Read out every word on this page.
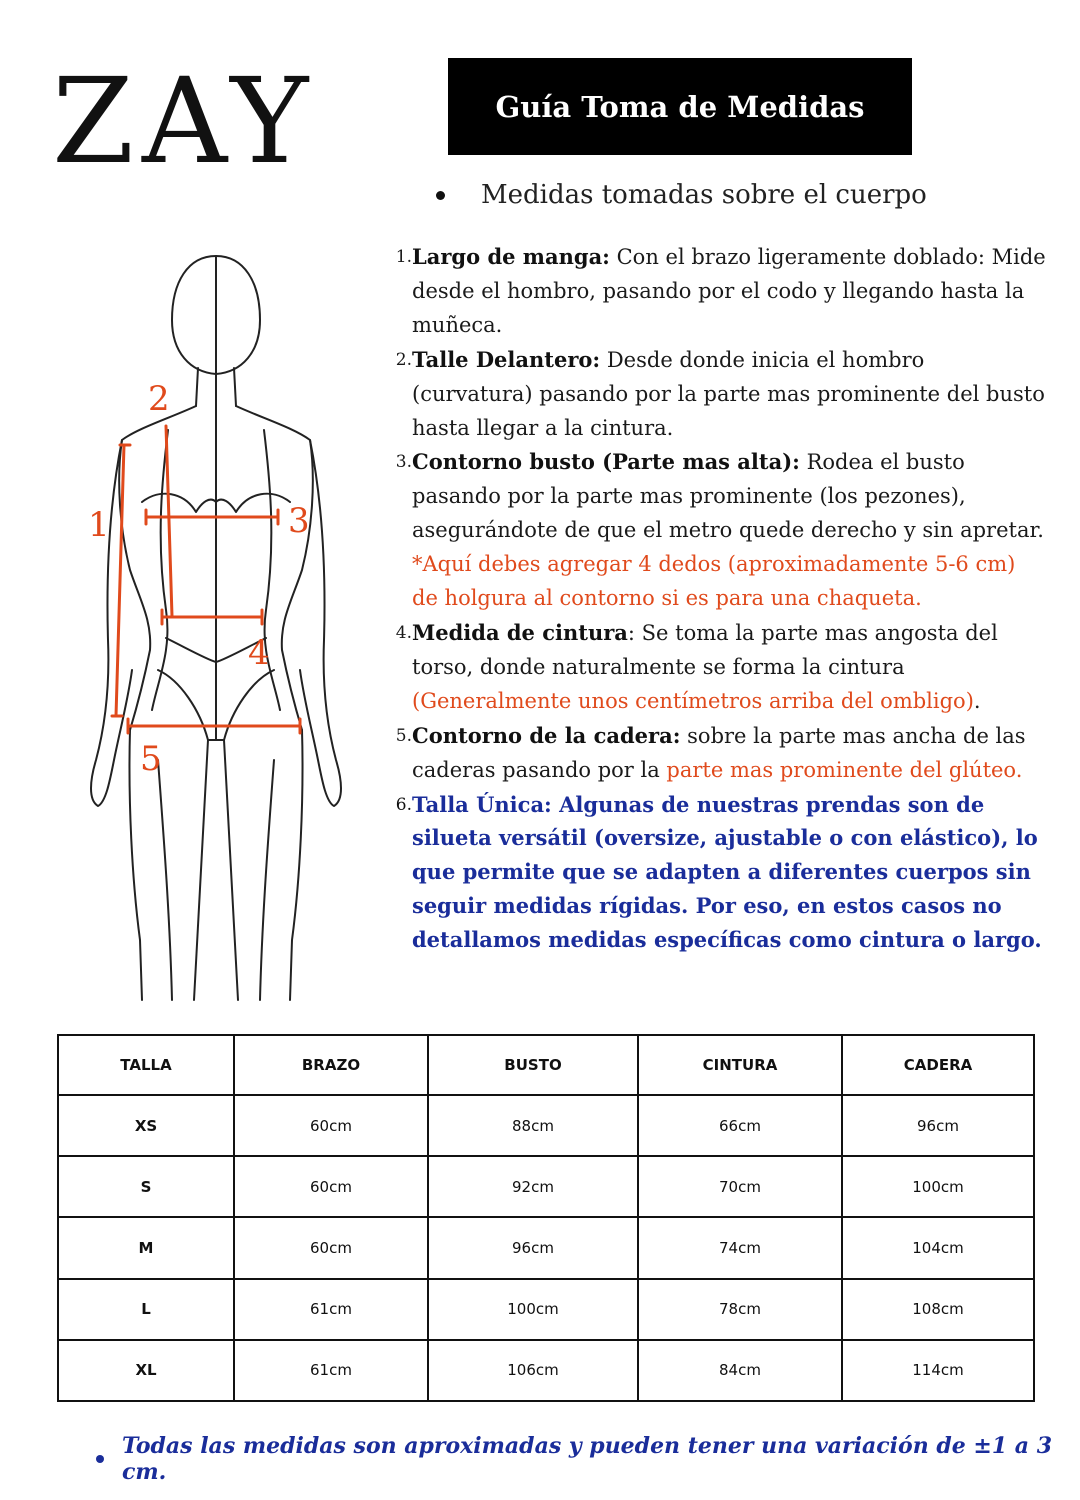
ZAY	Guía Toma de Medidas
Medidas tomadas sobre el cuerpo
1
2
3
4
5
1. Largo de manga: Con el brazo ligeramente doblado: Mide desde el hombro, pasando por el codo y llegando hasta la muñeca.
2. Talle Delantero: Desde donde inicia el hombro (curvatura) pasando por la parte mas prominente del busto hasta llegar a la cintura.
3. Contorno busto (Parte mas alta): Rodea el busto pasando por la parte mas prominente (los pezones), asegurándote de que el metro quede derecho y sin apretar. *Aquí debes agregar 4 dedos (aproximadamente 5-6 cm) de holgura al contorno si es para una chaqueta.
4. Medida de cintura: Se toma la parte mas angosta del torso, donde naturalmente se forma la cintura (Generalmente unos centímetros arriba del ombligo).
5. Contorno de la cadera: sobre la parte mas ancha de las caderas pasando por la parte mas prominente del glúteo.
6. Talla Única: Algunas de nuestras prendas son de silueta versátil (oversize, ajustable o con elástico), lo que permite que se adapten a diferentes cuerpos sin seguir medidas rígidas. Por eso, en estos casos no detallamos medidas específicas como cintura o largo.
TALLA	BRAZO	BUSTO	CINTURA	CADERA
XS	60cm	88cm	66cm	96cm
S	60cm	92cm	70cm	100cm
M	60cm	96cm	74cm	104cm
L	61cm	100cm	78cm	108cm
XL	61cm	106cm	84cm	114cm
Todas las medidas son aproximadas y pueden tener una variación de ±1 a 3 cm.
